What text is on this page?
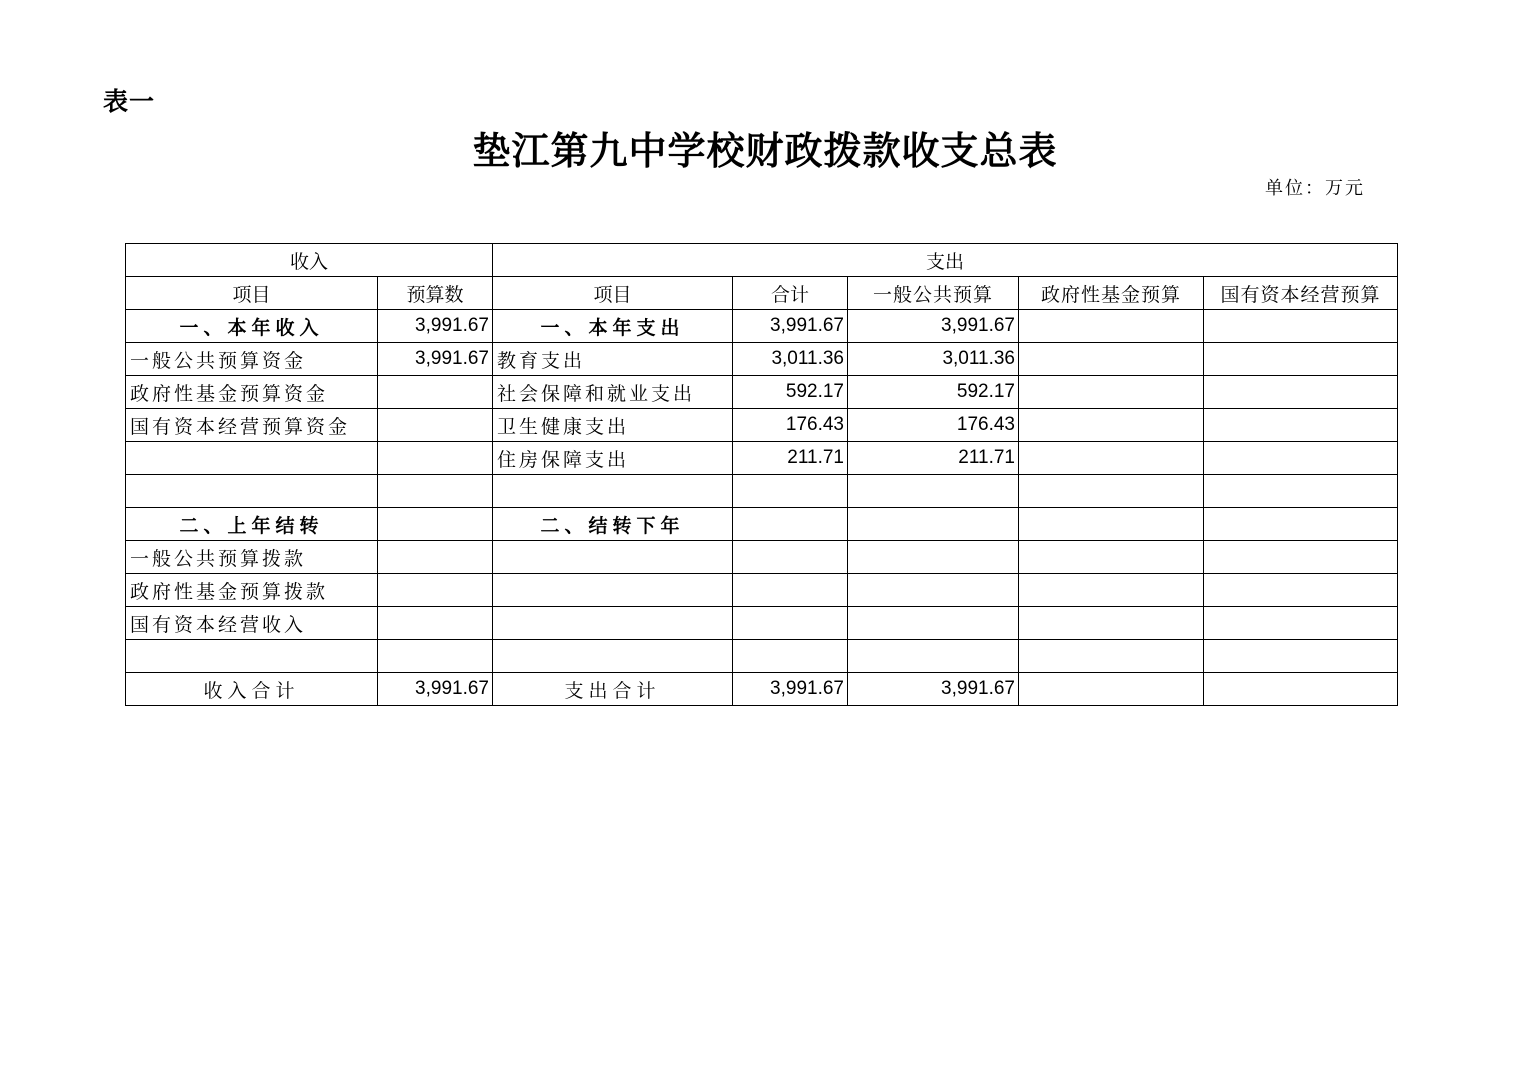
表一
垫江第九中学校财政拨款收支总表
单位：万元
收入		支出				
项目	预算数	项目	合计	一般公共预算	政府性基金预算	国有资本经营预算
一、本年收入	3,991.67	一、本年支出	3,991.67	3,991.67		
一般公共预算资金	3,991.67	教育支出	3,011.36	3,011.36		
政府性基金预算资金		社会保障和就业支出	592.17	592.17		
国有资本经营预算资金		卫生健康支出	176.43	176.43		
		住房保障支出	211.71	211.71		

二、上年结转		二、结转下年				
一般公共预算拨款						
政府性基金预算拨款						
国有资本经营收入						

收入合计	3,991.67	支出合计	3,991.67	3,991.67		
